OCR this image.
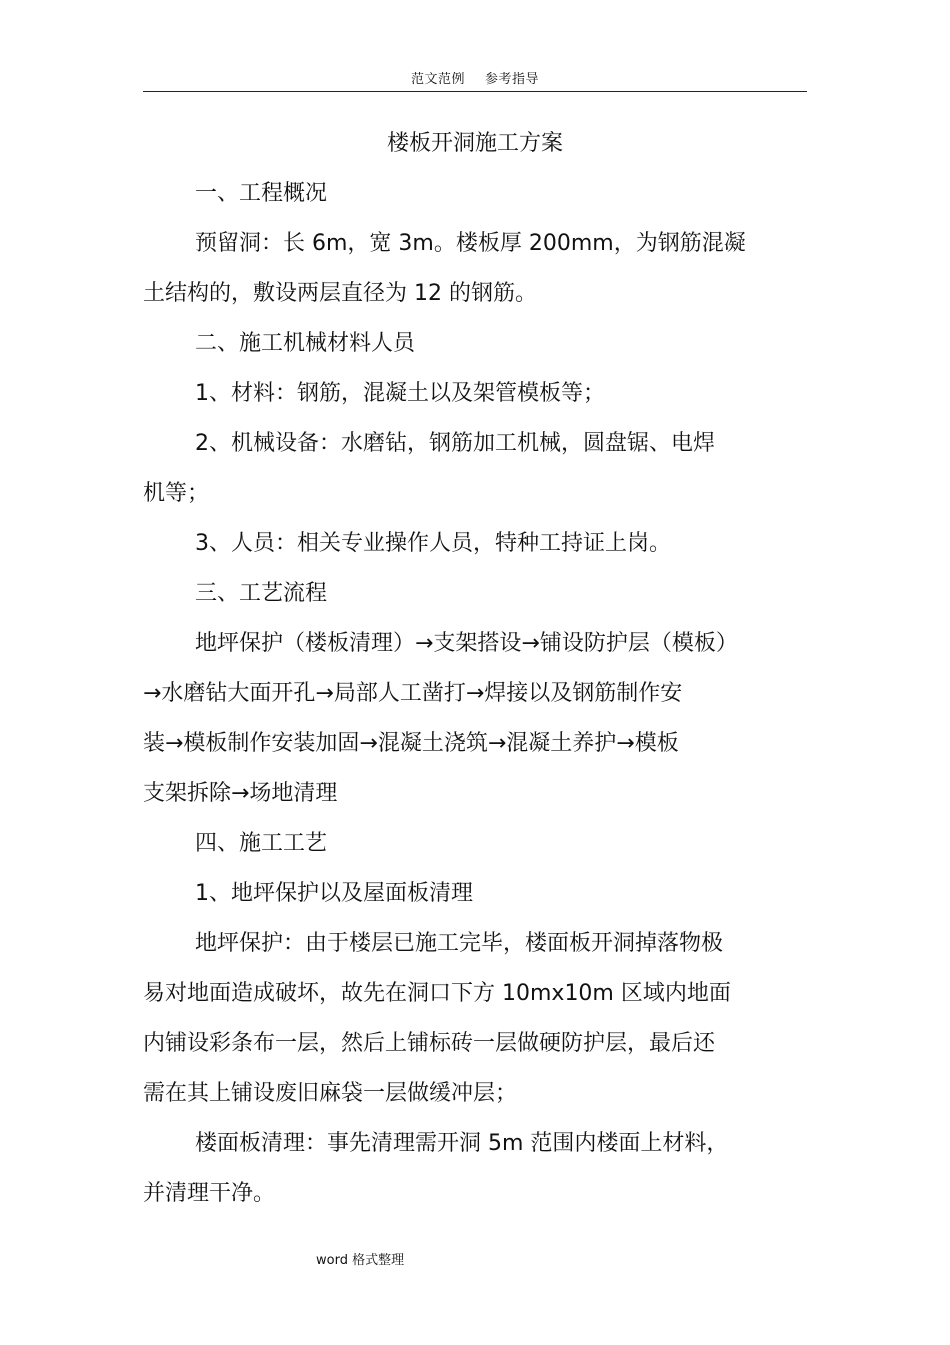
范文范例 参考指导
楼板开洞施工方案
一、工程概况
预留洞：长 6m，宽 3m。楼板厚 200mm，为钢筋混凝
土结构的，敷设两层直径为 12 的钢筋。
二、施工机械材料人员
1、材料：钢筋，混凝土以及架管模板等；
2、机械设备：水磨钻，钢筋加工机械，圆盘锯、电焊
机等；
3、人员：相关专业操作人员，特种工持证上岗。
三、工艺流程
地坪保护（楼板清理）→支架搭设→铺设防护层（模板）
→水磨钻大面开孔→局部人工凿打→焊接以及钢筋制作安
装→模板制作安装加固→混凝土浇筑→混凝土养护→模板
支架拆除→场地清理
四、施工工艺
1、地坪保护以及屋面板清理
地坪保护：由于楼层已施工完毕，楼面板开洞掉落物极
易对地面造成破坏，故先在洞口下方 10mx10m 区域内地面
内铺设彩条布一层，然后上铺标砖一层做硬防护层，最后还
需在其上铺设废旧麻袋一层做缓冲层；
楼面板清理：事先清理需开洞 5m 范围内楼面上材料，
并清理干净。
word 格式整理
